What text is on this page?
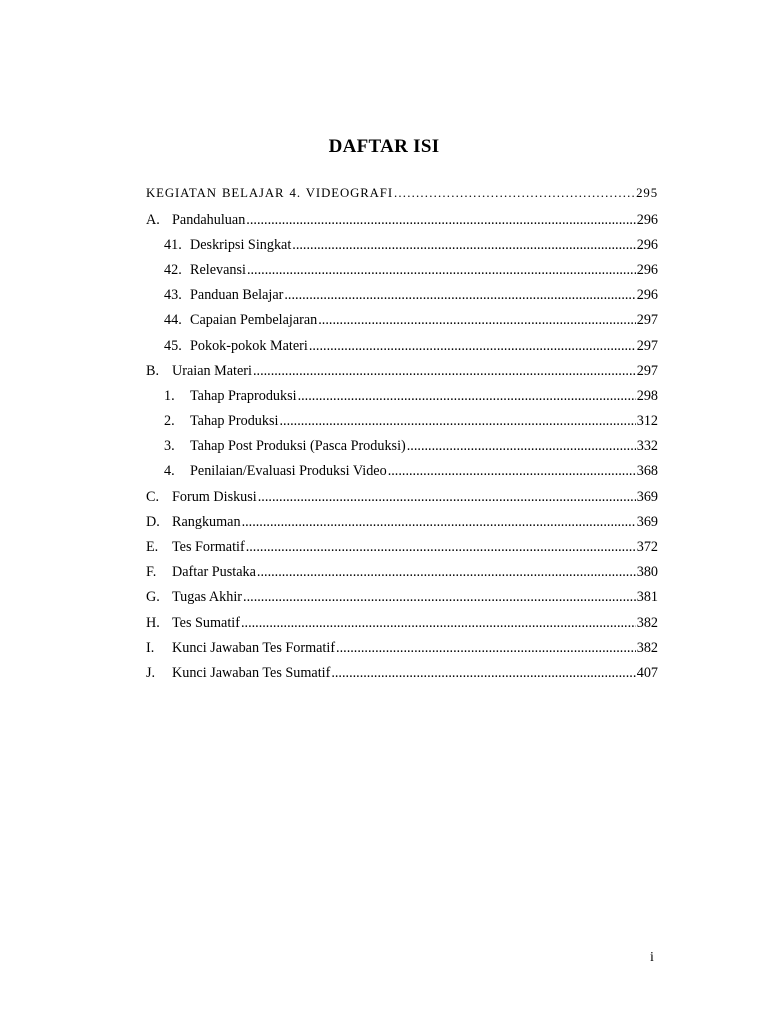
DAFTAR ISI
KEGIATAN BELAJAR 4. VIDEOGRAFI .....	295
A. Pandahuluan .....	296
41. Deskripsi Singkat .....	296
42. Relevansi .....	296
43. Panduan Belajar .....	296
44. Capaian Pembelajaran .....	297
45. Pokok-pokok Materi .....	297
B. Uraian Materi .....	297
1.	Tahap Praproduksi .....	298
2.	Tahap Produksi .....	312
3.	Tahap Post Produksi (Pasca Produksi) .....	332
4.	Penilaian/Evaluasi Produksi Video .....	368
C. Forum Diskusi .....	369
D. Rangkuman .....	369
E. Tes Formatif .....	372
F.	Daftar Pustaka .....	380
G. Tugas Akhir .....	381
H. Tes Sumatif .....	382
I.	Kunci Jawaban Tes Formatif .....	382
J.	Kunci Jawaban Tes Sumatif .....	407
i
